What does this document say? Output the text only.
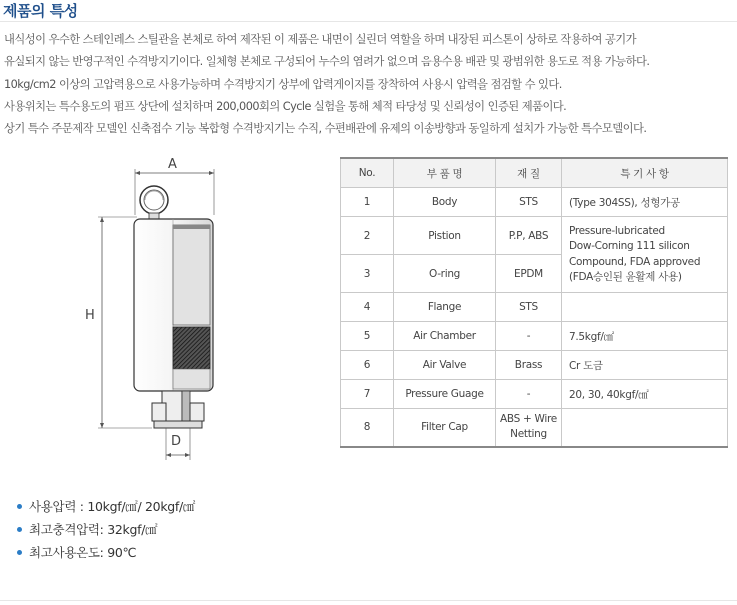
제품의 특성

내식성이 우수한 스테인레스 스틸관을 본체로 하여 제작된 이 제품은 내면이 실린더 역할을 하며 내장된 피스톤이 상하로 작용하여 공기가

유실되지 않는 반영구적인 수격방지기이다. 일체형 본체로 구성되어 누수의 염려가 없으며 음용수용 배관 및 광범위한 용도로 적용 가능하다.

10kg/cm2 이상의 고압력용으로 사용가능하며 수격방지기 상부에 압력게이지를 장착하여 사용시 압력을 점검할 수 있다.

사용위치는 특수용도의 펌프 상단에 설치하며 200,000회의 Cycle 실험을 통해 체적 타당성 및 신뢰성이 인증된 제품이다.

상기 특수 주문제작 모델인 신축접수 기능 복합형 수격방지기는 수직, 수편배관에 유제의 이송방향과 동일하게 설치가 가능한 특수모델이다.

A
H
D
No.	부 품 명	재 질	특 기 사 항
1	Body	STS	(Type 304SS), 성형가공
2	Pistion	P.P, ABS	Pressure-lubricated
Dow-Corning 111 silicon
Compound, FDA approved
(FDA승인된 윤활제 사용)

3	O-ring	EPDM	
4	Flange	STS	
5	Air Chamber	-	7.5kgf/㎠
6	Air Valve	Brass	Cr 도금
7	Pressure Guage	-	20, 30, 40kgf/㎠
8	Filter Cap	ABS + Wire
Netting	

사용압력 : 10kgf/㎠/ 20kgf/㎠
최고충격압력: 32kgf/㎠
최고사용온도: 90℃
